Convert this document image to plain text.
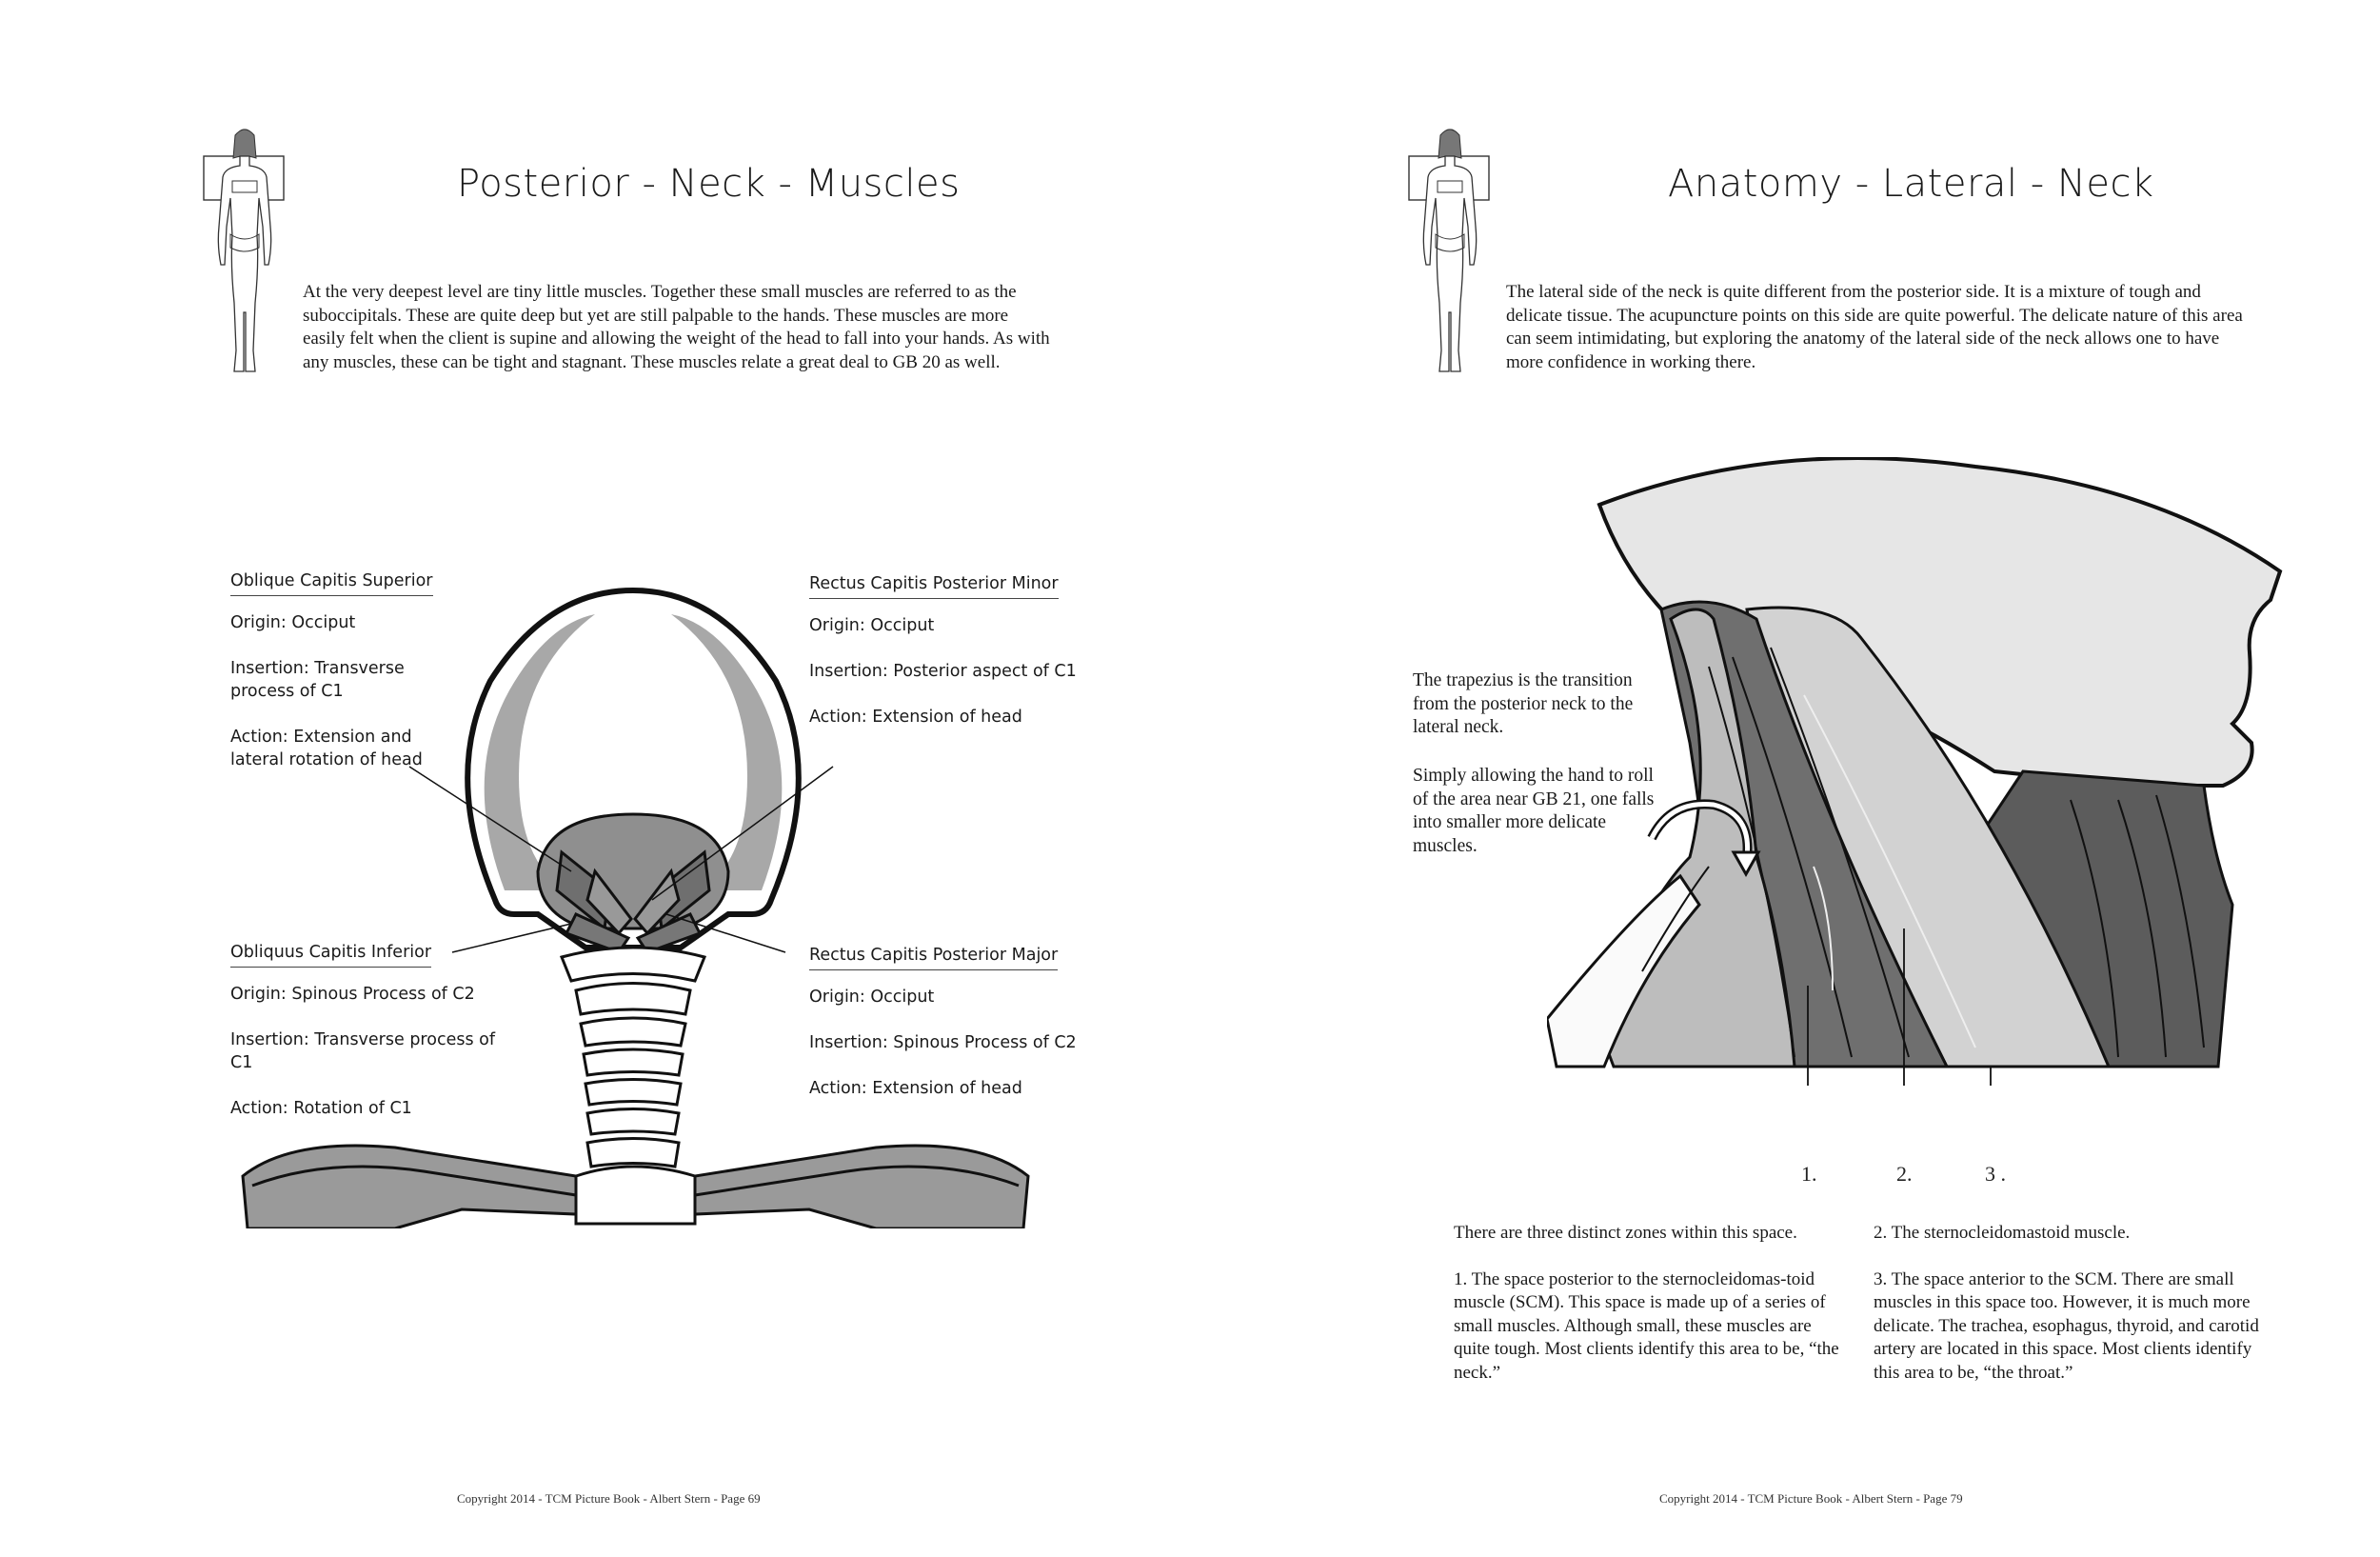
Posterior - Neck - Muscles
At the very deepest level are tiny little muscles. Together these small muscles are referred to as the suboccipitals. These are quite deep but yet are still palpable to the hands. These muscles are more easily felt when the client is supine and allowing the weight of the head to fall into your hands. As with any muscles, these can be tight and stagnant. These muscles relate a great deal to GB 20 as well.
Oblique Capitis Superior
Origin: Occiput
Insertion: Transverse process of C1
Action: Extension and lateral rotation of head
Rectus Capitis Posterior Minor
Origin: Occiput
Insertion: Posterior aspect of C1
Action: Extension of head
Obliquus Capitis Inferior
Origin: Spinous Process of C2
Insertion: Transverse process of C1
Action: Rotation of C1
Rectus Capitis Posterior Major
Origin: Occiput
Insertion: Spinous Process of C2
Action: Extension of head
Copyright 2014 - TCM Picture Book - Albert Stern - Page 69
Anatomy - Lateral - Neck
The lateral side of the neck is quite different from the posterior side. It is a mixture of tough and delicate tissue. The acupuncture points on this side are quite powerful. The delicate nature of this area can seem intimidating, but exploring the anatomy of the lateral side of the neck allows one to have more confidence in working there.
The trapezius is the transition from the posterior neck to the lateral neck.
Simply allowing the hand to roll of the area near GB 21, one falls into smaller more delicate muscles.
1.	2.	3 .
There are three distinct zones within this space.
1. The space posterior to the sternocleidomas-toid muscle (SCM). This space is made up of a series of small muscles. Although small, these muscles are quite tough. Most clients identify this area to be, “the neck.”
2. The sternocleidomastoid muscle.
3. The space anterior to the SCM. There are small muscles in this space too. However, it is much more delicate. The trachea, esophagus, thyroid, and carotid artery are located in this space. Most clients identify this area to be, “the throat.”
Copyright 2014 - TCM Picture Book - Albert Stern - Page 79
